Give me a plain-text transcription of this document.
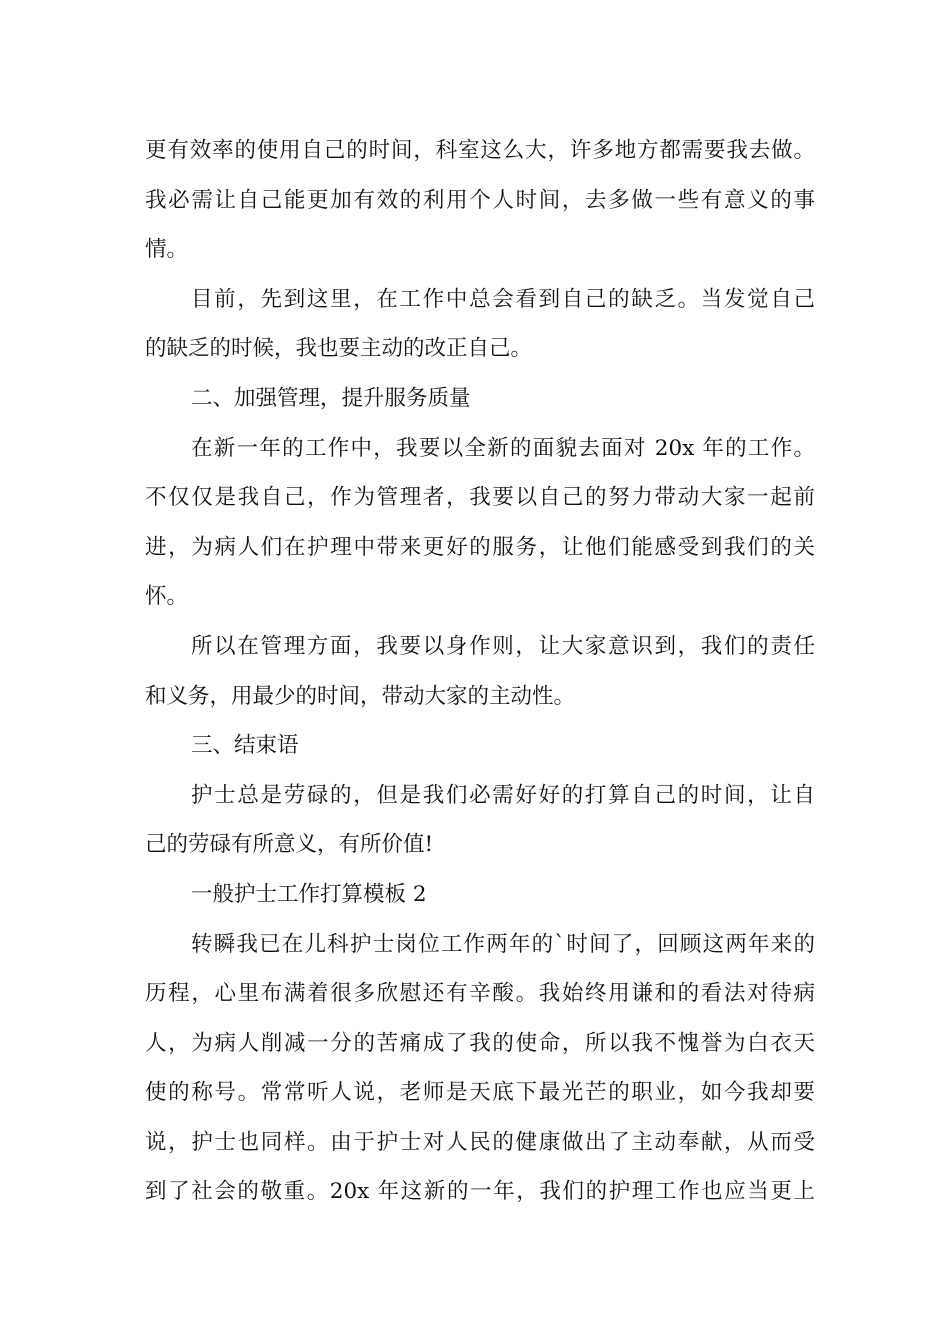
更有效率的使用自己的时间，科室这么大，许多地方都需要我去做。
我必需让自己能更加有效的利用个人时间，去多做一些有意义的事
情。
目前，先到这里，在工作中总会看到自己的缺乏。当发觉自己
的缺乏的时候，我也要主动的改正自己。
二、加强管理，提升服务质量
在新一年的工作中，我要以全新的面貌去面对 20x 年的工作。
不仅仅是我自己，作为管理者，我要以自己的努力带动大家一起前
进，为病人们在护理中带来更好的服务，让他们能感受到我们的关
怀。
所以在管理方面，我要以身作则，让大家意识到，我们的责任
和义务，用最少的时间，带动大家的主动性。
三、结束语
护士总是劳碌的，但是我们必需好好的打算自己的时间，让自
己的劳碌有所意义，有所价值!
一般护士工作打算模板 2
转瞬我已在儿科护士岗位工作两年的`时间了，回顾这两年来的
历程，心里布满着很多欣慰还有辛酸。我始终用谦和的看法对待病
人，为病人削减一分的苦痛成了我的使命，所以我不愧誉为白衣天
使的称号。常常听人说，老师是天底下最光芒的职业，如今我却要
说，护士也同样。由于护士对人民的健康做出了主动奉献，从而受
到了社会的敬重。20x 年这新的一年，我们的护理工作也应当更上
